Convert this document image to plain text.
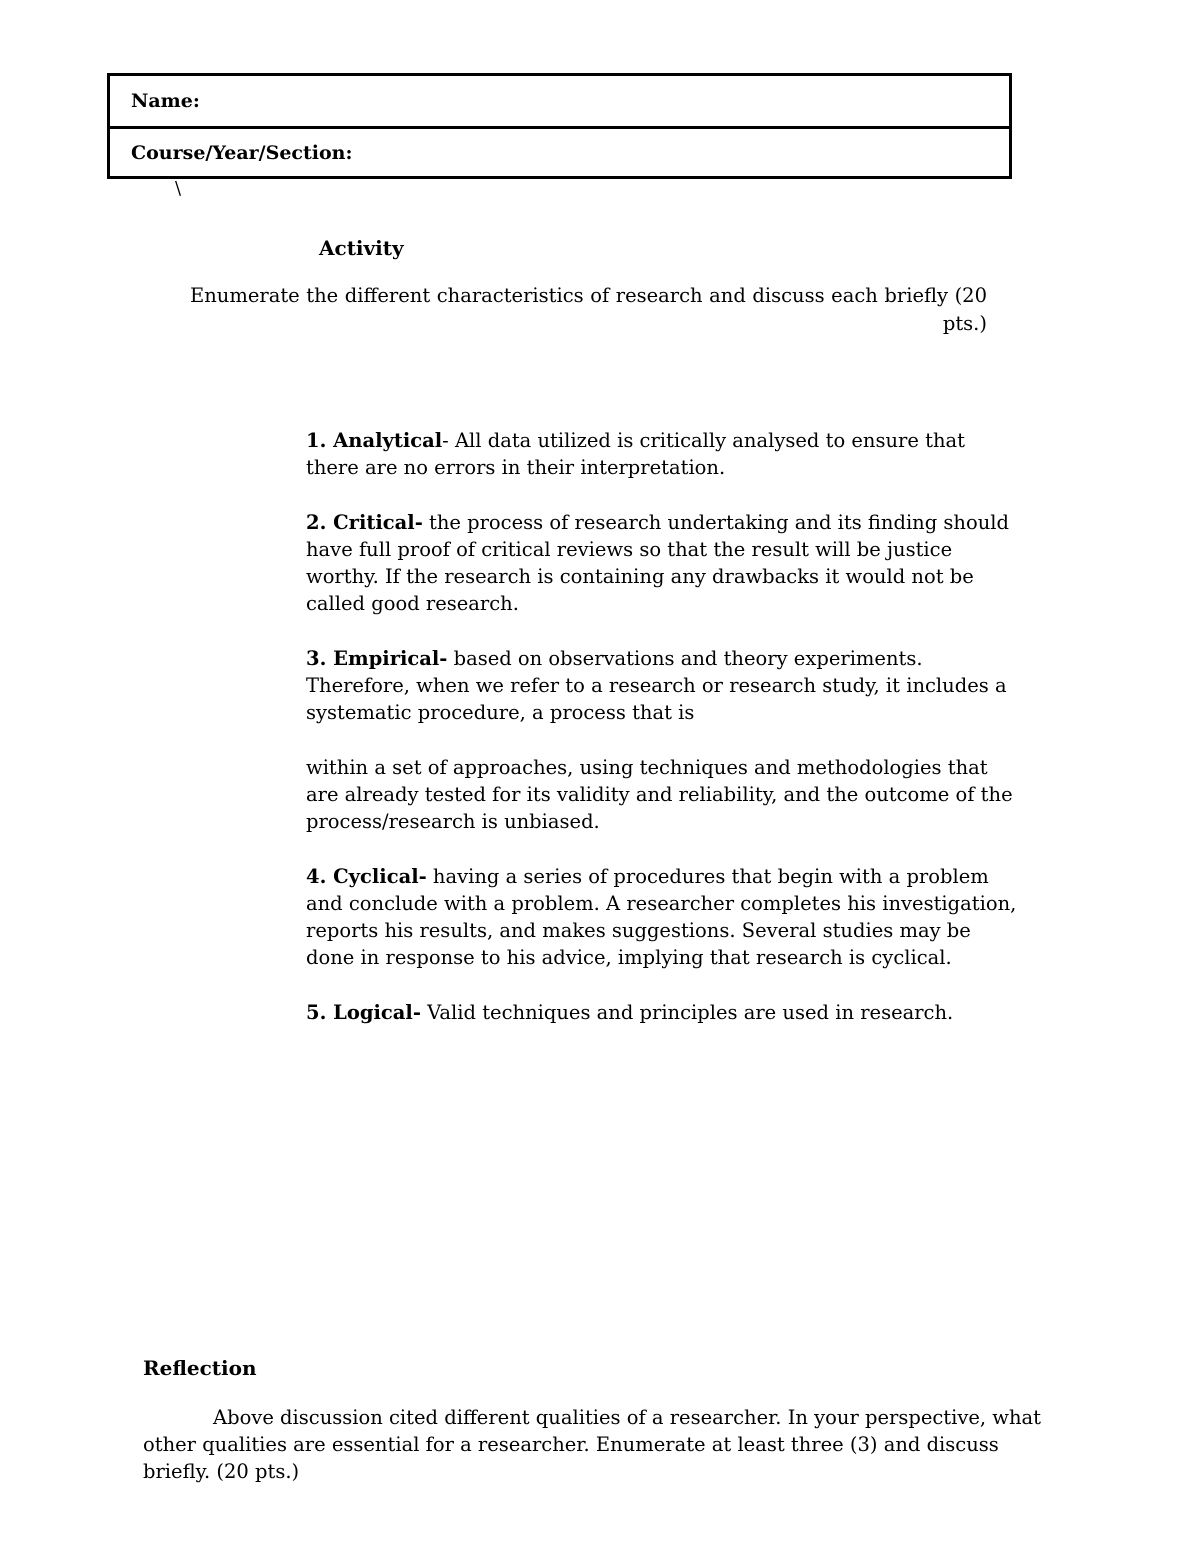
Name:
Course/Year/Section:
\
Activity

Enumerate the different characteristics of research and discuss each briefly (20 pts.)

1. Analytical- All data utilized is critically analysed to ensure that there are no errors in their interpretation.

2. Critical- the process of research undertaking and its finding should have full proof of critical reviews so that the result will be justice worthy. If the research is containing any drawbacks it would not be called good research.

3. Empirical- based on observations and theory experiments. Therefore, when we refer to a research or research study, it includes a systematic procedure, a process that is

within a set of approaches, using techniques and methodologies that are already tested for its validity and reliability, and the outcome of the process/research is unbiased.

4. Cyclical- having a series of procedures that begin with a problem and conclude with a problem. A researcher completes his investigation, reports his results, and makes suggestions. Several studies may be done in response to his advice, implying that research is cyclical.

5. Logical- Valid techniques and principles are used in research.

Reflection

Above discussion cited different qualities of a researcher. In your perspective, what other qualities are essential for a researcher. Enumerate at least three (3) and discuss briefly. (20 pts.)
